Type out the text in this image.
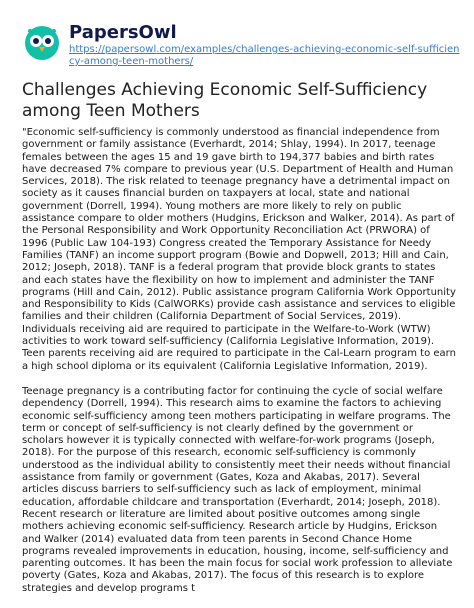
PapersOwl
https://papersowl.com/examples/challenges-achieving-economic-self-sufficiency-among-teen-mothers/
Challenges Achieving Economic Self-Sufficiency among Teen Mothers

"Economic self-sufficiency is commonly understood as financial independence from government or family assistance (Everhardt, 2014; Shlay, 1994). In 2017, teenage females between the ages 15 and 19 gave birth to 194,377 babies and birth rates have decreased 7% compare to previous year (U.S. Department of Health and Human Services, 2018). The risk related to teenage pregnancy have a detrimental impact on society as it causes financial burden on taxpayers at local, state and national government (Dorrell, 1994). Young mothers are more likely to rely on public assistance compare to older mothers (Hudgins, Erickson and Walker, 2014). As part of the Personal Responsibility and Work Opportunity Reconciliation Act (PRWORA) of 1996 (Public Law 104-193) Congress created the Temporary Assistance for Needy Families (TANF) an income support program (Bowie and Dopwell, 2013; Hill and Cain, 2012; Joseph, 2018). TANF is a federal program that provide block grants to states and each states have the flexibility on how to implement and administer the TANF programs (Hill and Cain, 2012). Public assistance program California Work Opportunity and Responsibility to Kids (CalWORKs) provide cash assistance and services to eligible families and their children (California Department of Social Services, 2019). Individuals receiving aid are required to participate in the Welfare-to-Work (WTW) activities to work toward self-sufficiency (California Legislative Information, 2019). Teen parents receiving aid are required to participate in the Cal-Learn program to earn a high school diploma or its equivalent (California Legislative Information, 2019).

Teenage pregnancy is a contributing factor for continuing the cycle of social welfare dependency (Dorrell, 1994). This research aims to examine the factors to achieving economic self-sufficiency among teen mothers participating in welfare programs. The term or concept of self-sufficiency is not clearly defined by the government or scholars however it is typically connected with welfare-for-work programs (Joseph, 2018). For the purpose of this research, economic self-sufficiency is commonly understood as the individual ability to consistently meet their needs without financial assistance from family or government (Gates, Koza and Akabas, 2017). Several articles discuss barriers to self-sufficiency such as lack of employment, minimal education, affordable childcare and transportation (Everhardt, 2014; Joseph, 2018). Recent research or literature are limited about positive outcomes among single mothers achieving economic self-sufficiency. Research article by Hudgins, Erickson and Walker (2014) evaluated data from teen parents in Second Chance Home programs revealed improvements in education, housing, income, self-sufficiency and parenting outcomes. It has been the main focus for social work profession to alleviate poverty (Gates, Koza and Akabas, 2017). The focus of this research is to explore strategies and develop programs t
